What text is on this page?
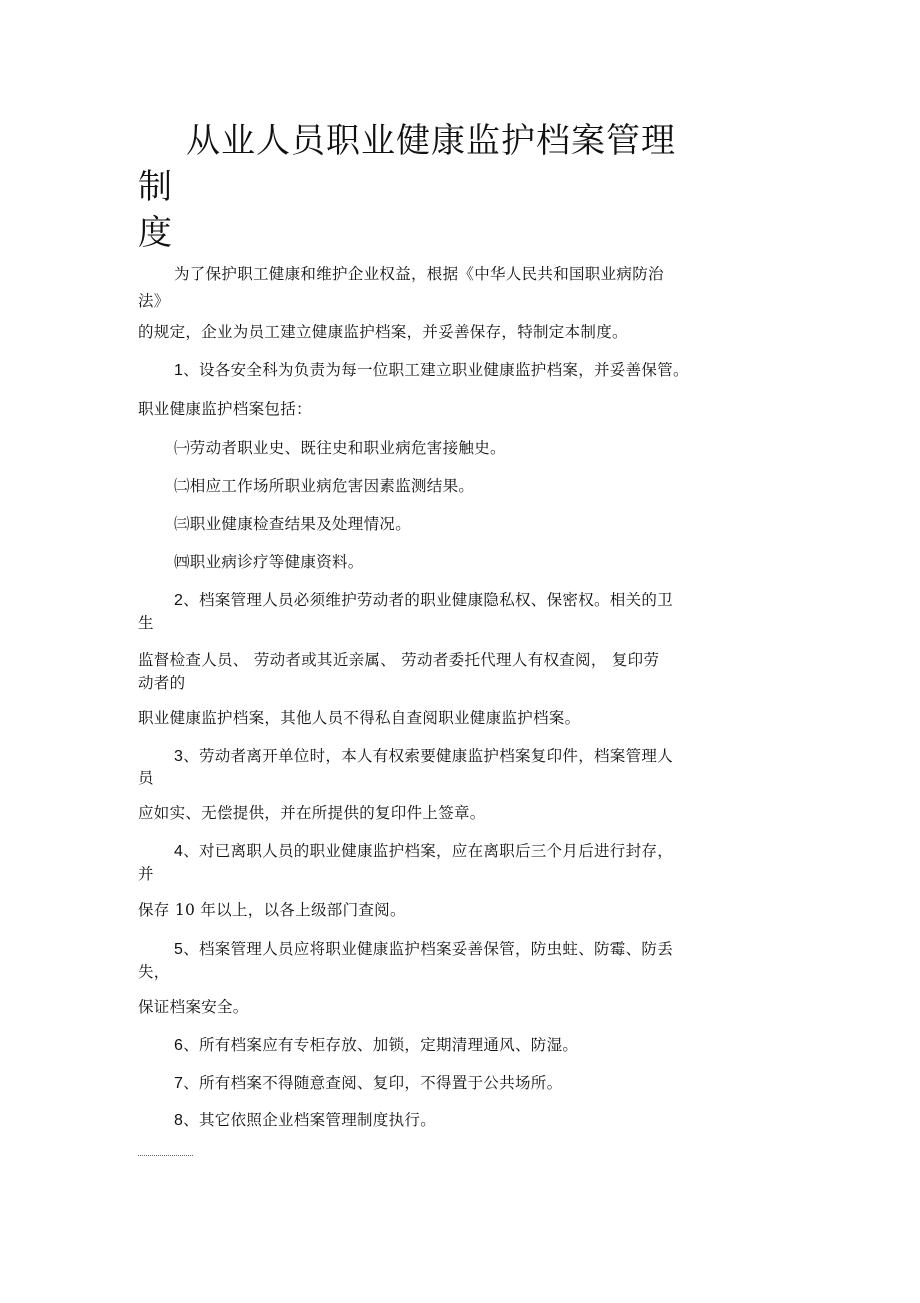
从业人员职业健康监护档案管理制
度
为了保护职工健康和维护企业权益，根据《中华人民共和国职业病防治
法》
的规定，企业为员工建立健康监护档案，并妥善保存，特制定本制度。
1、设各安全科为负责为每一位职工建立职业健康监护档案，并妥善保管。
职业健康监护档案包括：
㈠劳动者职业史、既往史和职业病危害接触史。
㈡相应工作场所职业病危害因素监测结果。
㈢职业健康检查结果及处理情况。
㈣职业病诊疗等健康资料。
2、档案管理人员必须维护劳动者的职业健康隐私权、保密权。相关的卫
生
监督检查人员、 劳动者或其近亲属、 劳动者委托代理人有权查阅， 复印劳
动者的
职业健康监护档案，其他人员不得私自查阅职业健康监护档案。
3、劳动者离开单位时，本人有权索要健康监护档案复印件，档案管理人
员
应如实、无偿提供，并在所提供的复印件上签章。
4、对已离职人员的职业健康监护档案，应在离职后三个月后进行封存，
并
保存 10 年以上，以各上级部门查阅。
5、档案管理人员应将职业健康监护档案妥善保管，防虫蛀、防霉、防丢
失，
保证档案安全。
6、所有档案应有专柜存放、加锁，定期清理通风、防湿。
7、所有档案不得随意查阅、复印，不得置于公共场所。
8、其它依照企业档案管理制度执行。
